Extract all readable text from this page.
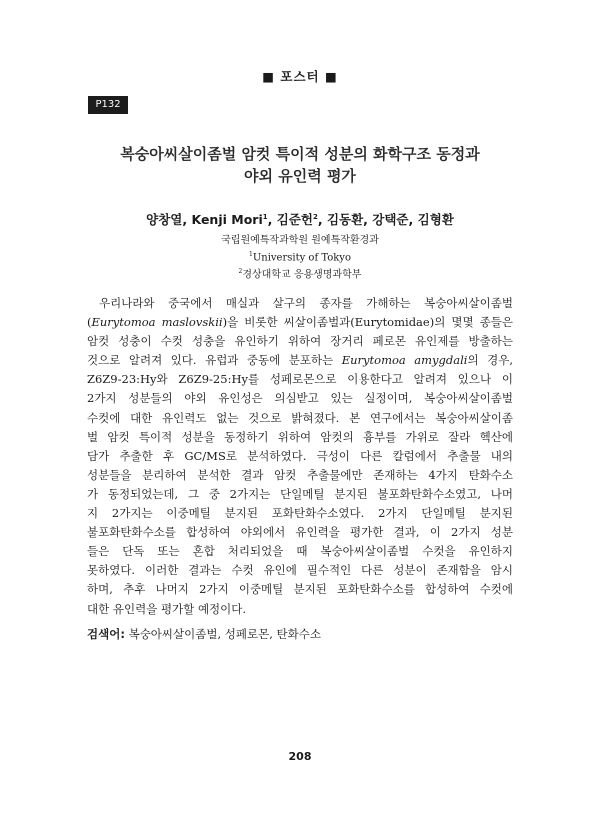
■ 포스터 ■
P132
복숭아씨살이좀벌 암컷 특이적 성분의 화학구조 동정과
야외 유인력 평가
양창열, Kenji Mori$^1$, 김준헌$^2$, 김동환, 강택준, 김형환
국립원예특작과학원 원예특작환경과
$^1$University of Tokyo
$^2$경상대학교 응용생명과학부
우리나라와 중국에서 매실과 살구의 종자를 가해하는 복숭아씨살이좀벌
(Eurytomoa maslovskii)을 비롯한 씨살이좀벌과(Eurytomidae)의 몇몇 종들은
암컷 성충이 수컷 성충을 유인하기 위하여 장거리 페로몬 유인제를 방출하는
것으로 알려져 있다. 유럽과 중동에 분포하는 Eurytomoa amygdali의 경우,
Z6Z9-23:Hy와 Z6Z9-25:Hy를 성페로몬으로 이용한다고 알려져 있으나 이
2가지 성분들의 야외 유인성은 의심받고 있는 실정이며, 복숭아씨살이좀벌
수컷에 대한 유인력도 없는 것으로 밝혀졌다. 본 연구에서는 복숭아씨살이좀
벌 암컷 특이적 성분을 동정하기 위하여 암컷의 흉부를 가위로 잘라 헥산에
담가 추출한 후 GC/MS로 분석하였다. 극성이 다른 칼럼에서 추출물 내의
성분들을 분리하여 분석한 결과 암컷 추출물에만 존재하는 4가지 탄화수소
가 동정되었는데, 그 중 2가지는 단일메틸 분지된 불포화탄화수소였고, 나머
지 2가지는 이중메틸 분지된 포화탄화수소였다. 2가지 단일메틸 분지된
불포화탄화수소를 합성하여 야외에서 유인력을 평가한 결과, 이 2가지 성분
들은 단독 또는 혼합 처리되었을 때 복숭아씨살이좀벌 수컷을 유인하지
못하였다. 이러한 결과는 수컷 유인에 필수적인 다른 성분이 존재함을 암시
하며, 추후 나머지 2가지 이중메틸 분지된 포화탄화수소를 합성하여 수컷에
대한 유인력을 평가할 예정이다.
검색어: 복숭아씨살이좀벌, 성페로몬, 탄화수소
208
